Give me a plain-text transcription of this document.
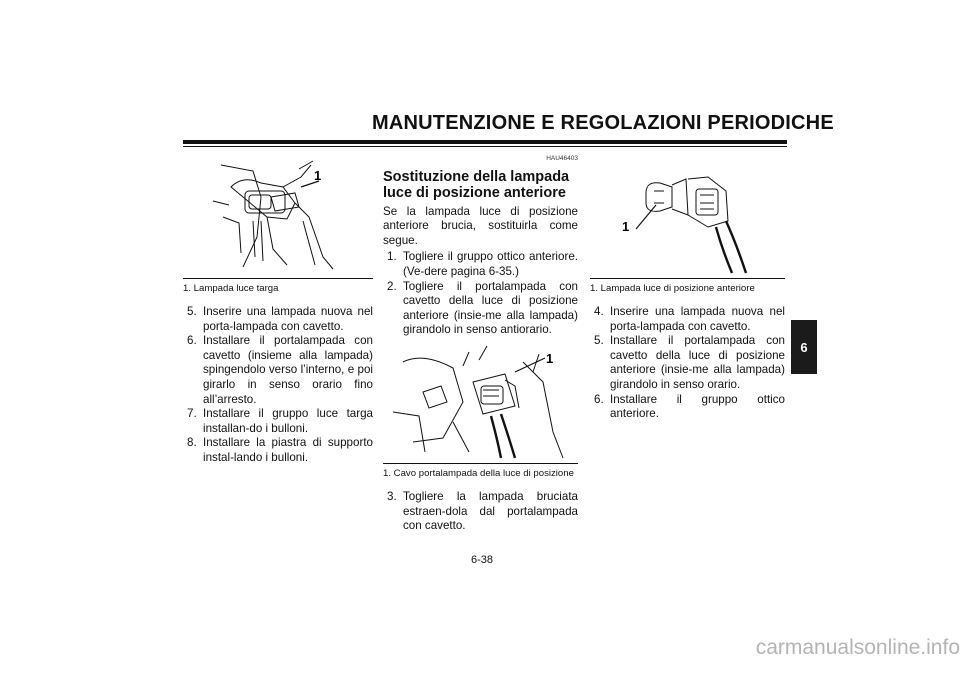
MANUTENZIONE E REGOLAZIONI PERIODICHE
6
1
1. Lampada luce targa
5. Inserire una lampada nuova nel porta-lampada con cavetto.
6. Installare il portalampada con cavetto (insieme alla lampada) spingendolo verso l’interno, e poi girarlo in senso orario fino all’arresto.
7. Installare il gruppo luce targa installan-do i bulloni.
8. Installare la piastra di supporto instal-lando i bulloni.
HAU46403
Sostituzione della lampada luce di posizione anteriore
Se la lampada luce di posizione anteriore brucia, sostituirla come segue.
1. Togliere il gruppo ottico anteriore. (Ve-dere pagina 6-35.)
2. Togliere il portalampada con cavetto della luce di posizione anteriore (insie-me alla lampada) girandolo in senso antiorario.
1
1. Cavo portalampada della luce di posizione
3. Togliere la lampada bruciata estraen-dola dal portalampada con cavetto.
1
1. Lampada luce di posizione anteriore
4. Inserire una lampada nuova nel porta-lampada con cavetto.
5. Installare il portalampada con cavetto della luce di posizione anteriore (insie-me alla lampada) girandolo in senso orario.
6. Installare il gruppo ottico anteriore.
6-38
carmanualsonline.info
